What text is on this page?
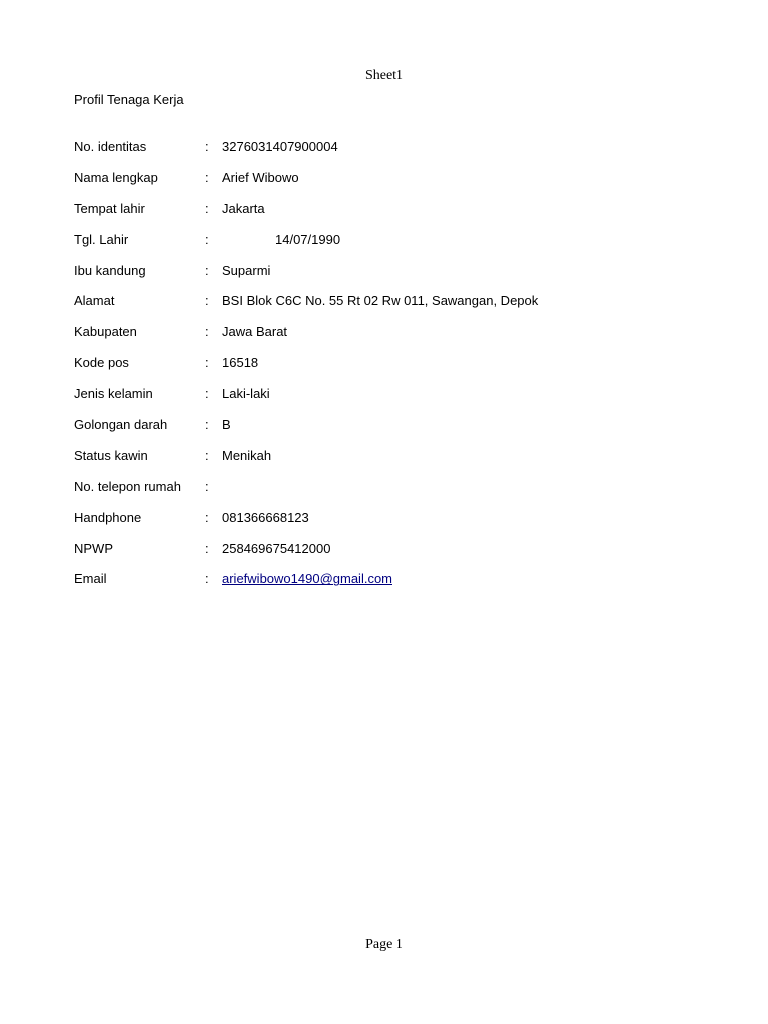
Sheet1
Profil Tenaga Kerja
No. identitas	: 3276031407900004
Nama lengkap	: Arief Wibowo
Tempat lahir	: Jakarta
Tgl. Lahir	:	14/07/1990
Ibu kandung	: Suparmi
Alamat	: BSI Blok C6C No. 55 Rt 02 Rw 011, Sawangan, Depok
Kabupaten	: Jawa Barat
Kode pos	: 16518
Jenis kelamin	: Laki-laki
Golongan darah	: B
Status kawin	: Menikah
No. telepon rumah :
Handphone	: 081366668123
NPWP	: 258469675412000
Email	: ariefwibowo1490@gmail.com
Page 1
